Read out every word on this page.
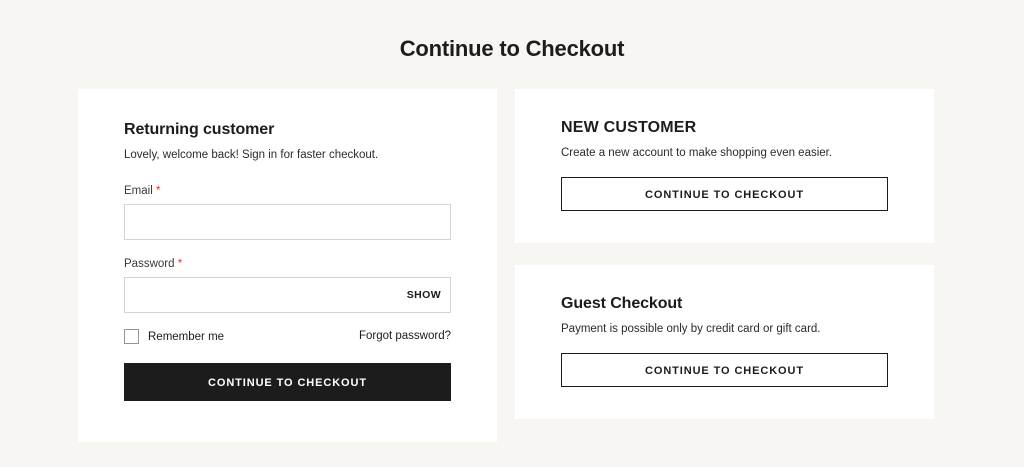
Continue to Checkout
Returning customer

Lovely, welcome back! Sign in for faster checkout.

Email *
Password *
SHOW
Remember me	Forgot password?
CONTINUE TO CHECKOUT
NEW CUSTOMER

Create a new account to make shopping even easier.

CONTINUE TO CHECKOUT
Guest Checkout

Payment is possible only by credit card or gift card.

CONTINUE TO CHECKOUT
